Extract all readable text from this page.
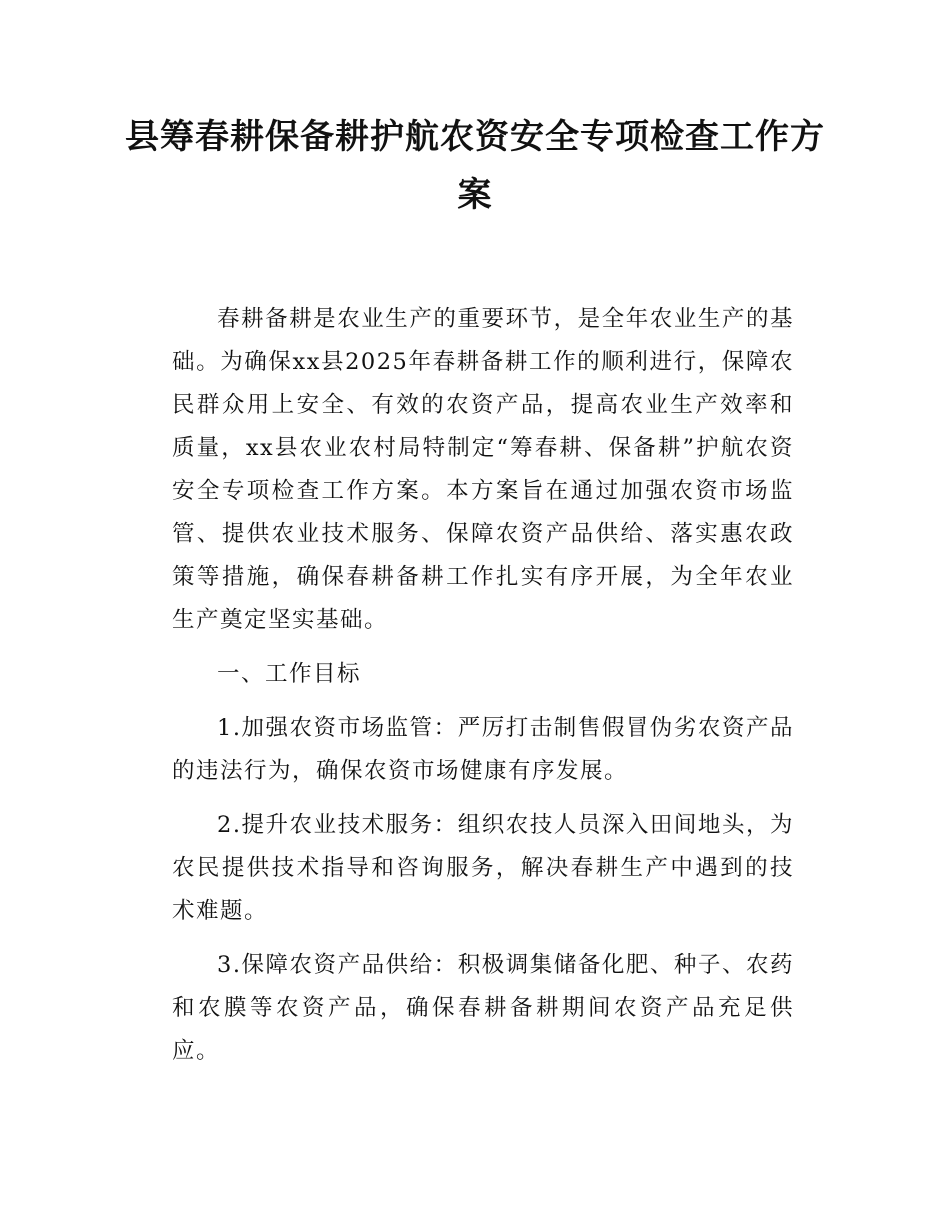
县筹春耕保备耕护航农资安全专项检查工作方案

春耕备耕是农业生产的重要环节，是全年农业生产的基础。为确保xx县2025年春耕备耕工作的顺利进行，保障农民群众用上安全、有效的农资产品，提高农业生产效率和质量，xx县农业农村局特制定“筹春耕、保备耕”护航农资安全专项检查工作方案。本方案旨在通过加强农资市场监管、提供农业技术服务、保障农资产品供给、落实惠农政策等措施，确保春耕备耕工作扎实有序开展，为全年农业生产奠定坚实基础。

一、工作目标

1.加强农资市场监管：严厉打击制售假冒伪劣农资产品的违法行为，确保农资市场健康有序发展。

2.提升农业技术服务：组织农技人员深入田间地头，为农民提供技术指导和咨询服务，解决春耕生产中遇到的技术难题。

3.保障农资产品供给：积极调集储备化肥、种子、农药和农膜等农资产品，确保春耕备耕期间农资产品充足供应。
